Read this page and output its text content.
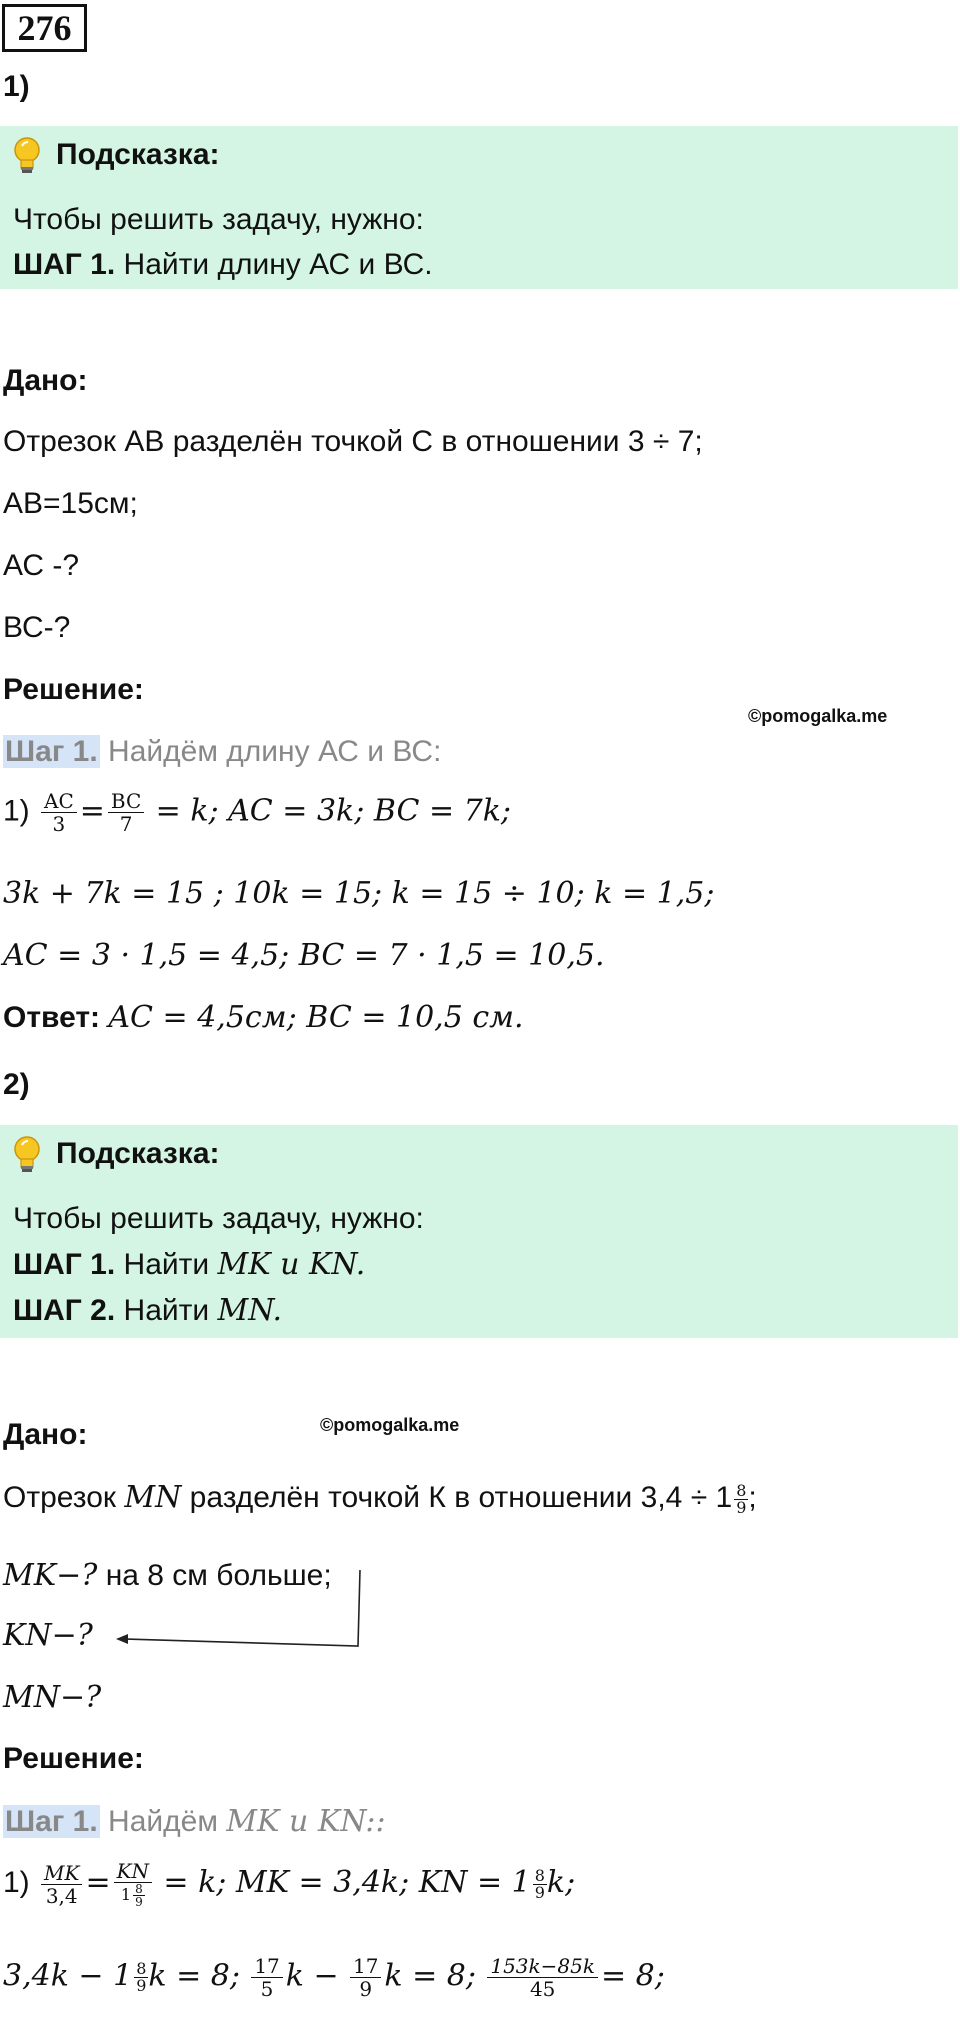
276
1)
Подсказка:
Чтобы решить задачу, нужно:
ШАГ 1. Найти длину АС и ВС.
Дано:
Отрезок АВ разделён точкой С в отношении 3 ÷ 7;
АВ=15см;
АС -?
ВС-?
Решение:
©pomogalka.me
Шаг 1. Найдём длину АС и ВС:
$1) \frac{AC}{3} = \frac{BC}{7} = k$; AC = 3k; BC = 7k;
3k + 7k = 15 ; 10k = 15; k = 15 ÷ 10; k = 1,5;
AC = 3 · 1,5 = 4,5; BC = 7 · 1,5 = 10,5.
Ответ: AC = 4,5см; BC = 10,5 см.
2)
Подсказка:
Чтобы решить задачу, нужно:
ШАГ 1. Найти MK и KN.
ШАГ 2. Найти MN.
©pomogalka.me
Дано:
Отрезок MN разделён точкой К в отношении $3,4 \div 1 \frac{8}{9}$ ;
MK−? на 8 см больше;
KN−?
MN−?
Решение:
Шаг 1. Найдём MK и KN::
$1) \frac{MK}{3,4} = \frac{KN}{1 \frac{8}{9}} = k$; MK = 3,4k; KN = $1 \frac{8}{9} k$;
$3,4k - 1 \frac{8}{9}$ k = 8; $\frac{17}{5}$ $k - \frac{17}{9}$ k = 8; $\frac{153k-85k}{45} = 8$;
